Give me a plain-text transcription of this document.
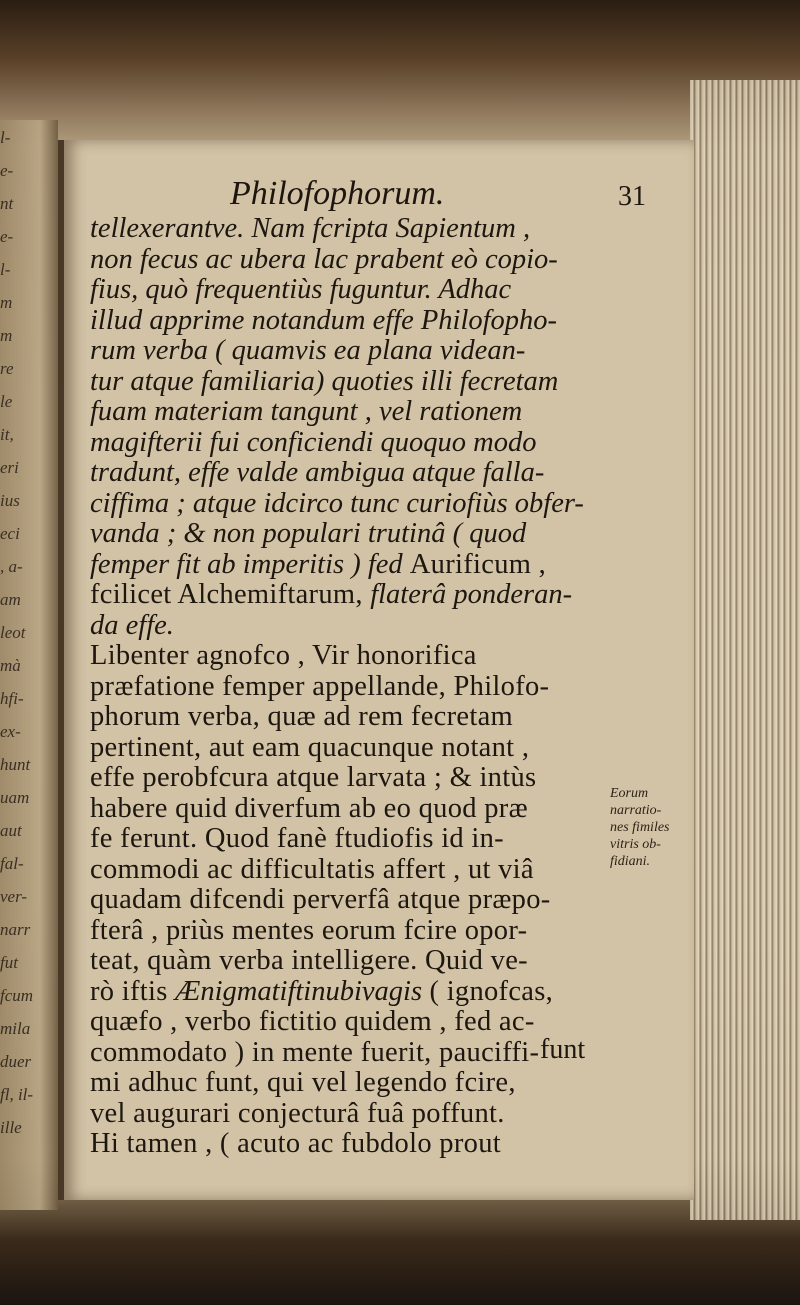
l-
e-
nt
e-
l-
m
m
re
le
it,
eri
ius
eci
, a-
am
leot
mà
hfi-
ex-
hunt
uam
aut
fal-
ver-
narr
fut
fcum
mila
duer
fl, il-
ille
Philofophorum.	31
tellexerantve. Nam fcripta Sapientum ,
non fecus ac ubera lac prabent eò copio-
fius, quò frequentiùs fuguntur. Adhac
illud apprime notandum effe Philofopho-
rum verba ( quamvis ea plana videan-
tur atque familiaria) quoties illi fecretam
fuam materiam tangunt , vel rationem
magifterii fui conficiendi quoquo modo
tradunt, effe valde ambigua atque falla-
ciffima ; atque idcirco tunc curiofiùs obfer-
vanda ; & non populari trutinâ ( quod
femper fit ab imperitis ) fed Aurificum ,
fcilicet Alchemiftarum, flaterâ ponderan-
da effe.
Libenter agnofco , Vir honorifica
præfatione femper appellande, Philofo-
phorum verba, quæ ad rem fecretam
pertinent, aut eam quacunque notant ,
effe perobfcura atque larvata ; & intùs
habere quid diverfum ab eo quod præ
fe ferunt. Quod fanè ftudiofis id in-
commodi ac difficultatis affert , ut viâ
quadam difcendi perverfâ atque præpo-
fterâ , priùs mentes eorum fcire opor-
teat, quàm verba intelligere. Quid ve-
rò iftis Ænigmatiftinubivagis ( ignofcas,
quæfo , verbo fictitio quidem , fed ac-
commodato ) in mente fuerit, pauciffi-
mi adhuc funt, qui vel legendo fcire,
vel augurari conjecturâ fuâ poffunt.
Hi tamen , ( acuto ac fubdolo prout
Eorum
narratio-
nes fimiles
vitris ob-
fidiani.
funt
